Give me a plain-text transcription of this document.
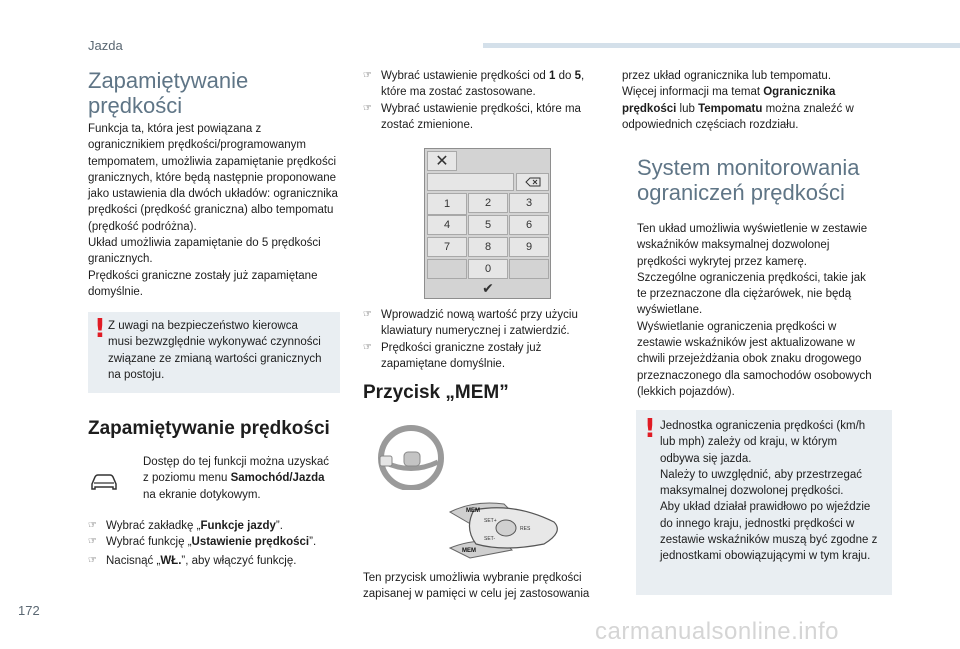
Jazda
Zapamiętywanie
prędkości
Funkcja ta, która jest powiązana z
ogranicznikiem prędkości/programowanym
tempomatem, umożliwia zapamiętanie prędkości
granicznych, które będą następnie proponowane
jako ustawienia dla dwóch układów: ogranicznika
prędkości (prędkość graniczna) albo tempomatu
(prędkość podróżna).
Układ umożliwia zapamiętanie do 5 prędkości
granicznych.
Prędkości graniczne zostały już zapamiętane
domyślnie.
! Z uwagi na bezpieczeństwo kierowca
musi bezwzględnie wykonywać czynności
związane ze zmianą wartości granicznych
na postoju.
Zapamiętywanie prędkości
Dostęp do tej funkcji można uzyskać
z poziomu menu Samochód/Jazda
na ekranie dotykowym.
☞ Wybrać zakładkę „Funkcje jazdy”.
☞ Wybrać funkcję „Ustawienie prędkości”.
☞ Nacisnąć „WŁ.”, aby włączyć funkcję.
☞ Wybrać ustawienie prędkości od 1 do 5,
które ma zostać zastosowane.
☞ Wybrać ustawienie prędkości, które ma
zostać zmienione.
✕
1	2	3
4	5	6
7	8	9
0
✔
☞ Wprowadzić nową wartość przy użyciu
klawiatury numerycznej i zatwierdzić.
☞ Prędkości graniczne zostały już
zapamiętane domyślnie.
Przycisk „MEM”
MEM
MEM
SET+
SET-
RES
Ten przycisk umożliwia wybranie prędkości
zapisanej w pamięci w celu jej zastosowania
przez układ ogranicznika lub tempomatu.
Więcej informacji ma temat Ogranicznika
prędkości lub Tempomatu można znaleźć w
odpowiednich częściach rozdziału.
System monitorowania
ograniczeń prędkości
Ten układ umożliwia wyświetlenie w zestawie
wskaźników maksymalnej dozwolonej
prędkości wykrytej przez kamerę.
Szczególne ograniczenia prędkości, takie jak
te przeznaczone dla ciężarówek, nie będą
wyświetlane.
Wyświetlanie ograniczenia prędkości w
zestawie wskaźników jest aktualizowane w
chwili przejeżdżania obok znaku drogowego
przeznaczonego dla samochodów osobowych
(lekkich pojazdów).
! Jednostka ograniczenia prędkości (km/h
lub mph) zależy od kraju, w którym
odbywa się jazda.
Należy to uwzględnić, aby przestrzegać
maksymalnej dozwolonej prędkości.
Aby układ działał prawidłowo po wjeździe
do innego kraju, jednostki prędkości w
zestawie wskaźników muszą być zgodne z
jednostkami obowiązującymi w tym kraju.
172
carmanualsonline.info
